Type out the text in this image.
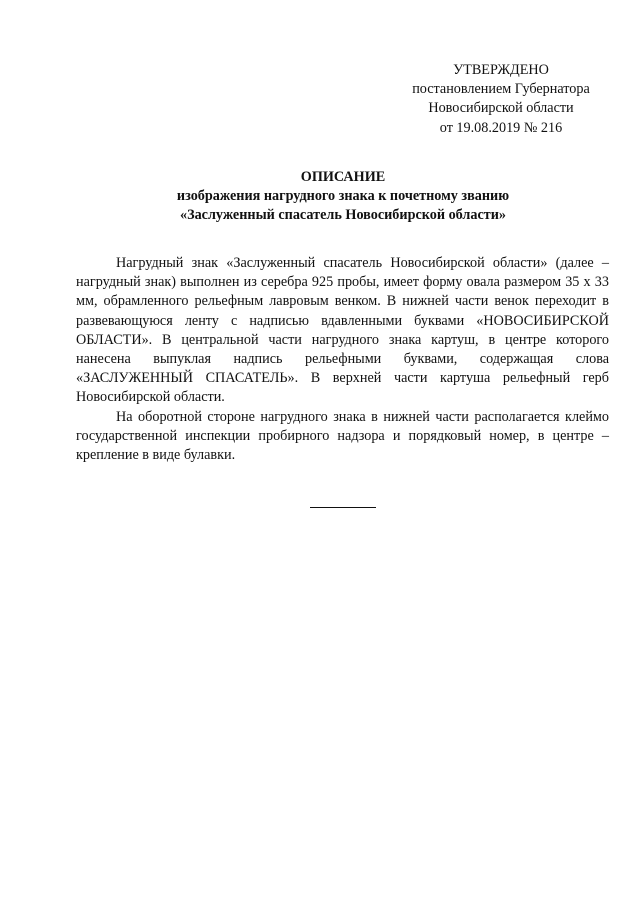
УТВЕРЖДЕНО
постановлением Губернатора
Новосибирской области
от 19.08.2019 № 216
ОПИСАНИЕ
изображения нагрудного знака к почетному званию
«Заслуженный спасатель Новосибирской области»

Нагрудный знак «Заслуженный спасатель Новосибирской области» (далее – нагрудный знак) выполнен из серебра 925 пробы, имеет форму овала размером 35 х 33 мм, обрамленного рельефным лавровым венком. В нижней части венок переходит в развевающуюся ленту с надписью вдавленными буквами «НОВОСИБИРСКОЙ ОБЛАСТИ». В центральной части нагрудного знака картуш, в центре которого нанесена выпуклая надпись рельефными буквами, содержащая слова «ЗАСЛУЖЕННЫЙ СПАСАТЕЛЬ». В верхней части картуша рельефный герб Новосибирской области.

На оборотной стороне нагрудного знака в нижней части располагается клеймо государственной инспекции пробирного надзора и порядковый номер, в центре – крепление в виде булавки.
